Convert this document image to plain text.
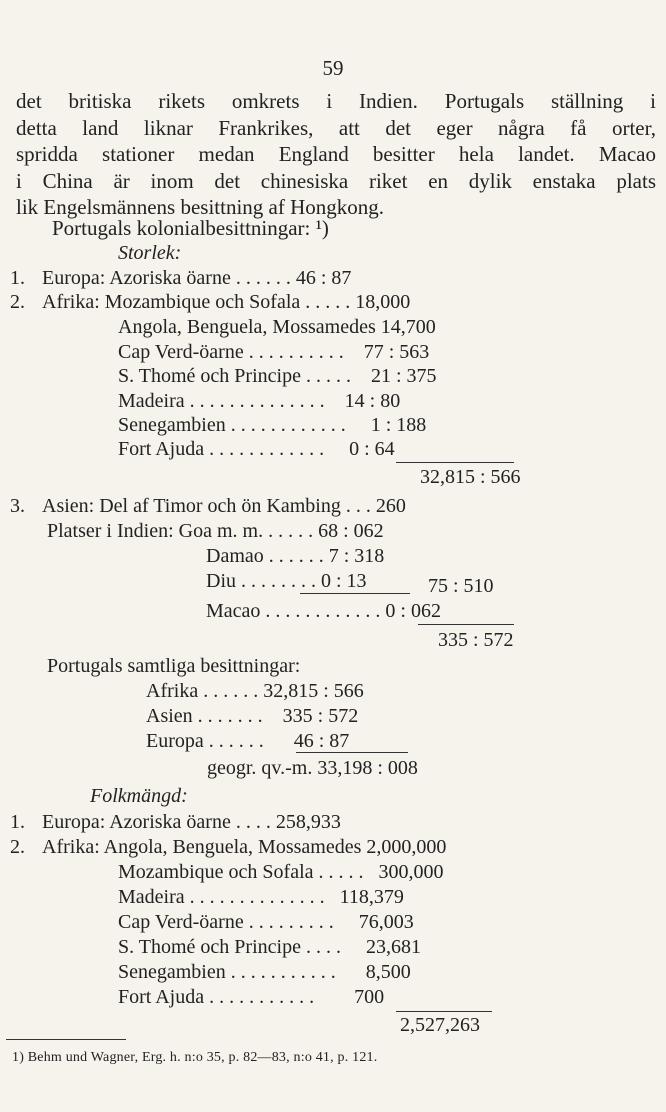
59
det britiska rikets omkrets i Indien. Portugals ställning i
detta land liknar Frankrikes, att det eger några få orter,
spridda stationer medan England besitter hela landet. Macao
i China är inom det chinesiska riket en dylik enstaka plats
lik Engelsmännens besittning af Hongkong.
Portugals kolonialbesittningar: ¹)
Storlek:
1. Europa: Azoriska öarne . . . . . . 46 : 87
2. Afrika: Mozambique och Sofala . . . . . 18,000
Angola, Benguela, Mossamedes 14,700
Cap Verd-öarne . . . . . . . . . .    77 : 563
S. Thomé och Principe . . . . .    21 : 375
Madeira . . . . . . . . . . . . . .    14 : 80
Senegambien . . . . . . . . . . . .     1 : 188
Fort Ajuda . . . . . . . . . . . .     0 : 64
32,815 : 566
3. Asien: Del af Timor och ön Kambing . . . 260
Platser i Indien: Goa m. m. . . . . . 68 : 062
Damao . . . . . . 7 : 318
Diu . . . . . . . . 0 : 13	75 : 510
Macao . . . . . . . . . . . . 0 : 062
335 : 572
Portugals samtliga besittningar:
Afrika . . . . . . 32,815 : 566
Asien . . . . . . .    335 : 572
Europa . . . . . .      46 : 87
geogr. qv.-m. 33,198 : 008
Folkmängd:
1. Europa: Azoriska öarne . . . . 258,933
2. Afrika: Angola, Benguela, Mossamedes 2,000,000
Mozambique och Sofala . . . . .   300,000
Madeira . . . . . . . . . . . . . .   118,379
Cap Verd-öarne . . . . . . . . .     76,003
S. Thomé och Principe . . . .     23,681
Senegambien . . . . . . . . . . .      8,500
Fort Ajuda . . . . . . . . . . .        700
2,527,263
1) Behm und Wagner, Erg. h. n:o 35, p. 82—83, n:o 41, p. 121.
